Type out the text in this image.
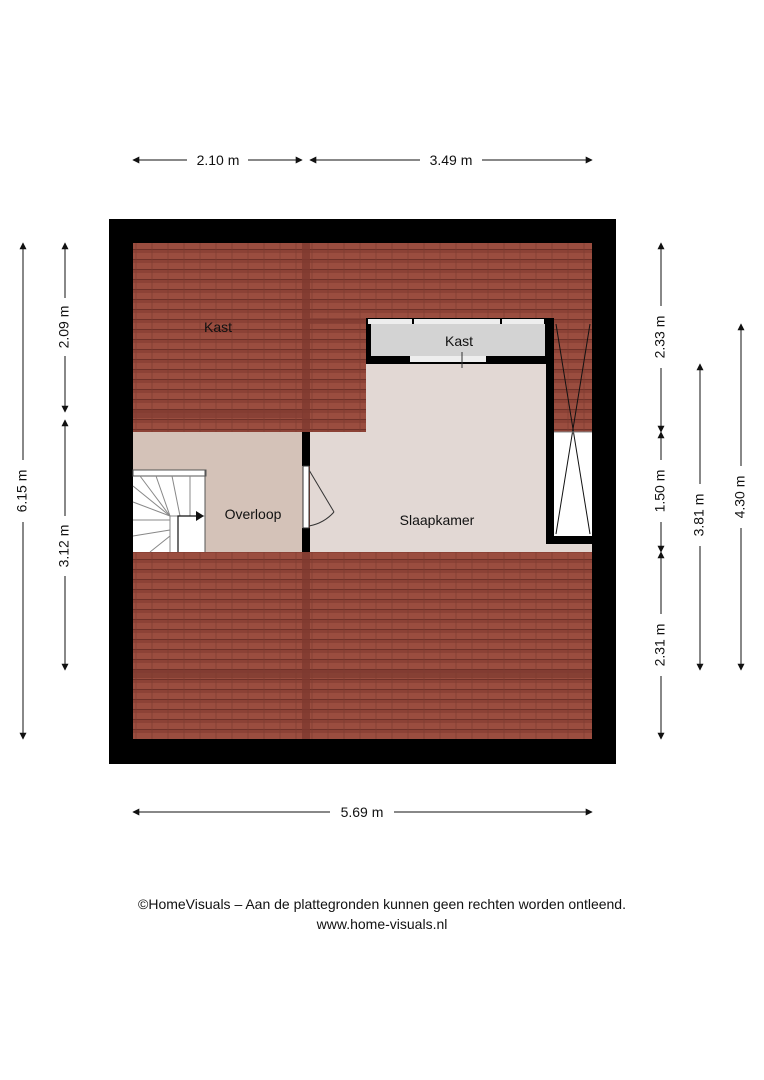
Kast
Kast
Overloop	Slaapkamer
2.10 m	3.49 m
5.69 m
6.15 m
2.09 m
3.12 m
2.33 m
1.50 m
2.31 m
3.81 m 4.30 m
©HomeVisuals – Aan de plattegronden kunnen geen rechten worden ontleend.
www.home-visuals.nl
